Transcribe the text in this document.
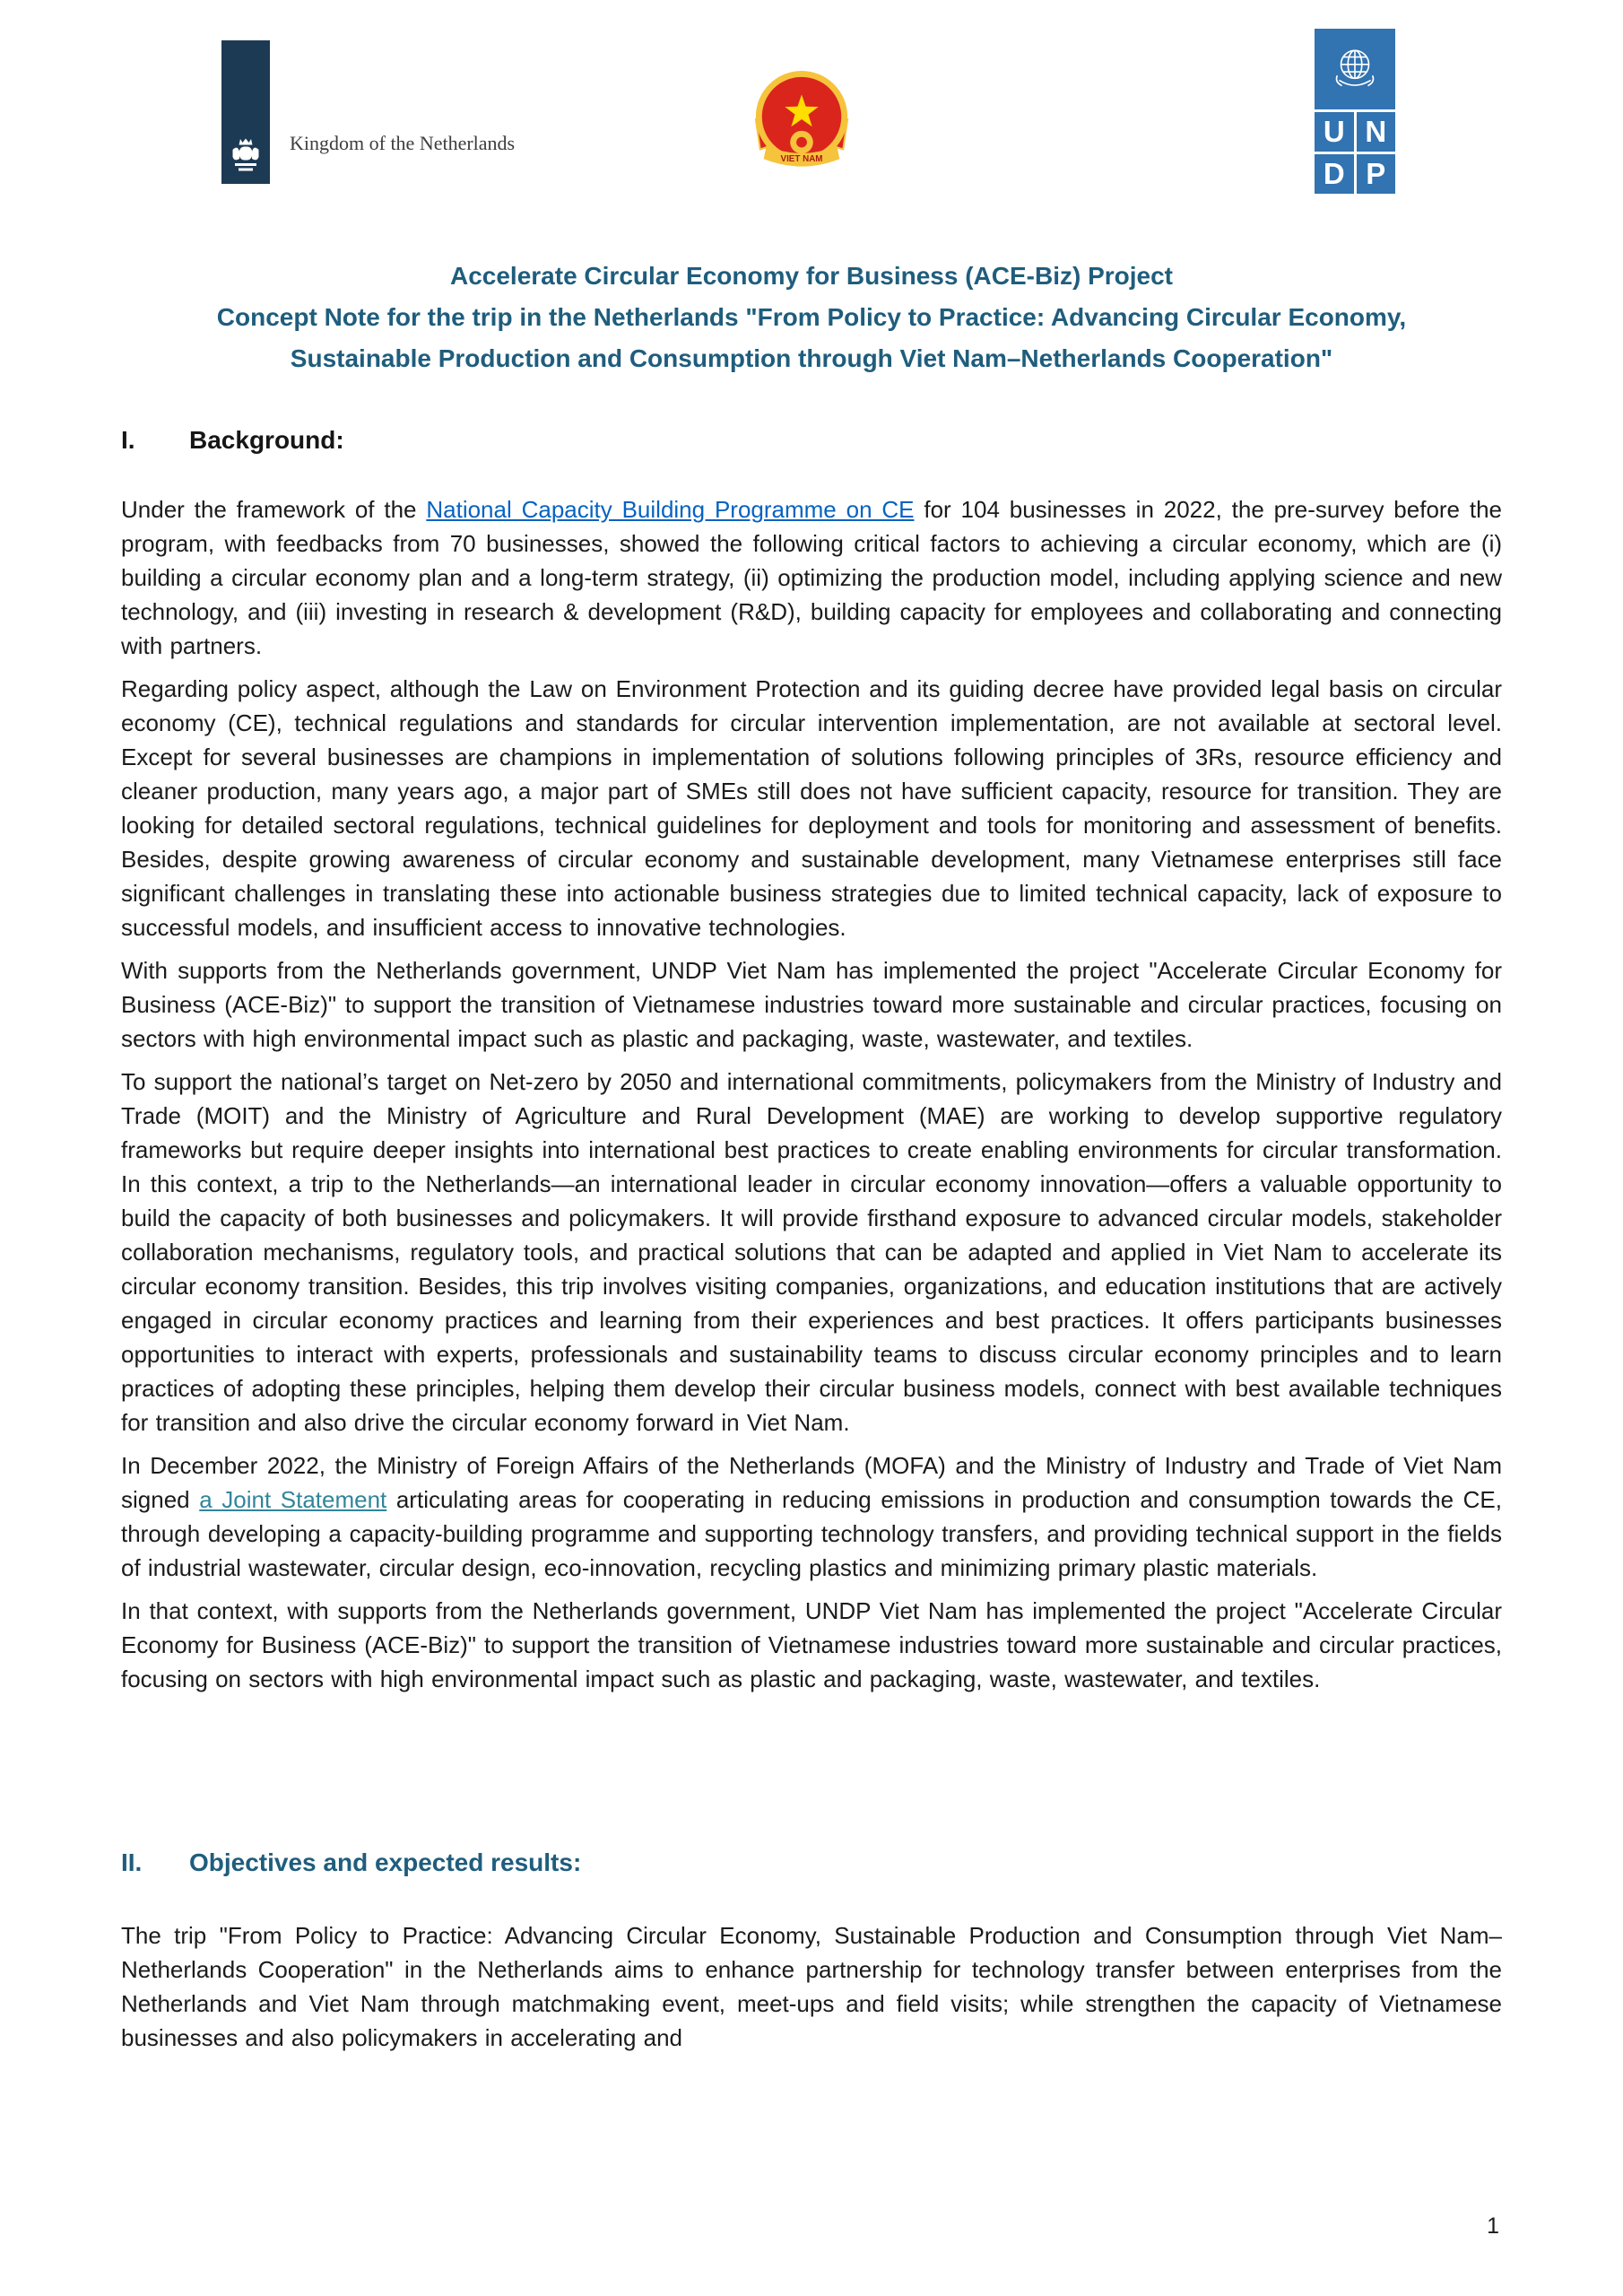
Kingdom of the Netherlands
VIET NAM
U N
D P
Accelerate Circular Economy for Business (ACE-Biz) Project
Concept Note for the trip in the Netherlands "From Policy to Practice: Advancing Circular Economy, Sustainable Production and Consumption through Viet Nam–Netherlands Cooperation"
I.	Background:

Under the framework of the National Capacity Building Programme on CE for 104 businesses in 2022, the pre-survey before the program, with feedbacks from 70 businesses, showed the following critical factors to achieving a circular economy, which are (i) building a circular economy plan and a long-term strategy, (ii) optimizing the production model, including applying science and new technology, and (iii) investing in research & development (R&D), building capacity for employees and collaborating and connecting with partners.

Regarding policy aspect, although the Law on Environment Protection and its guiding decree have provided legal basis on circular economy (CE), technical regulations and standards for circular intervention implementation, are not available at sectoral level. Except for several businesses are champions in implementation of solutions following principles of 3Rs, resource efficiency and cleaner production, many years ago, a major part of SMEs still does not have sufficient capacity, resource for transition. They are looking for detailed sectoral regulations, technical guidelines for deployment and tools for monitoring and assessment of benefits. Besides, despite growing awareness of circular economy and sustainable development, many Vietnamese enterprises still face significant challenges in translating these into actionable business strategies due to limited technical capacity, lack of exposure to successful models, and insufficient access to innovative technologies.

With supports from the Netherlands government, UNDP Viet Nam has implemented the project "Accelerate Circular Economy for Business (ACE-Biz)" to support the transition of Vietnamese industries toward more sustainable and circular practices, focusing on sectors with high environmental impact such as plastic and packaging, waste, wastewater, and textiles.

To support the national’s target on Net-zero by 2050 and international commitments, policymakers from the Ministry of Industry and Trade (MOIT) and the Ministry of Agriculture and Rural Development (MAE) are working to develop supportive regulatory frameworks but require deeper insights into international best practices to create enabling environments for circular transformation. In this context, a trip to the Netherlands—an international leader in circular economy innovation—offers a valuable opportunity to build the capacity of both businesses and policymakers. It will provide firsthand exposure to advanced circular models, stakeholder collaboration mechanisms, regulatory tools, and practical solutions that can be adapted and applied in Viet Nam to accelerate its circular economy transition. Besides, this trip involves visiting companies, organizations, and education institutions that are actively engaged in circular economy practices and learning from their experiences and best practices. It offers participants businesses opportunities to interact with experts, professionals and sustainability teams to discuss circular economy principles and to learn practices of adopting these principles, helping them develop their circular business models, connect with best available techniques for transition and also drive the circular economy forward in Viet Nam.

In December 2022, the Ministry of Foreign Affairs of the Netherlands (MOFA) and the Ministry of Industry and Trade of Viet Nam signed a Joint Statement articulating areas for cooperating in reducing emissions in production and consumption towards the CE, through developing a capacity-building programme and supporting technology transfers, and providing technical support in the fields of industrial wastewater, circular design, eco-innovation, recycling plastics and minimizing primary plastic materials.

In that context, with supports from the Netherlands government, UNDP Viet Nam has implemented the project "Accelerate Circular Economy for Business (ACE-Biz)" to support the transition of Vietnamese industries toward more sustainable and circular practices, focusing on sectors with high environmental impact such as plastic and packaging, waste, wastewater, and textiles.

II.	Objectives and expected results:

The trip "From Policy to Practice: Advancing Circular Economy, Sustainable Production and Consumption through Viet Nam–Netherlands Cooperation" in the Netherlands aims to enhance partnership for technology transfer between enterprises from the Netherlands and Viet Nam through matchmaking event, meet-ups and field visits; while strengthen the capacity of Vietnamese businesses and also policymakers in accelerating and

1
